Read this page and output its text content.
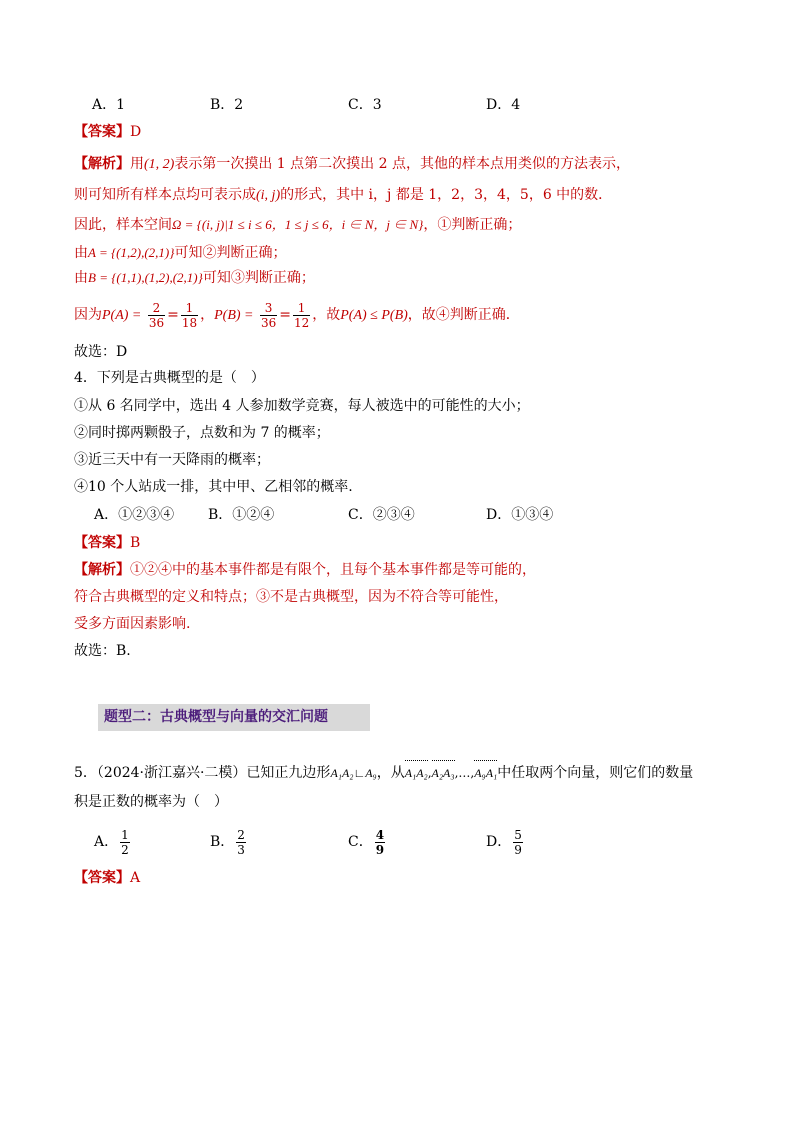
A．1	B．2	C．3	D．4
【答案】D
【解析】用(1, 2)表示第一次摸出 1 点第二次摸出 2 点，其他的样本点用类似的方法表示，
则可知所有样本点均可表示成(i, j)的形式，其中 i，j 都是 1，2，3，4，5，6 中的数．
因此，样本空间Ω = {(i, j)|1 ≤ i ≤ 6，1 ≤ j ≤ 6，i ∈ N，j ∈ N}，①判断正确；
由A = {(1,2),(2,1)}可知②判断正确；
由B = {(1,1),(1,2),(2,1)}可知③判断正确；
因为$P(A) = \frac{2}{36} = \frac{1}{18}$ ，$P(B) = \frac{3}{36} = \frac{1}{12}$ ，故P(A) ≤ P(B)，故④判断正确．
故选：D
4．下列是古典概型的是（　）
①从 6 名同学中，选出 4 人参加数学竞赛，每人被选中的可能性的大小；
②同时掷两颗骰子，点数和为 7 的概率；
③近三天中有一天降雨的概率；
④10 个人站成一排，其中甲、乙相邻的概率.
A．①②③④ B．①②④	C．②③④	D．①③④
【答案】B
【解析】①②④中的基本事件都是有限个，且每个基本事件都是等可能的，
符合古典概型的定义和特点；③不是古典概型，因为不符合等可能性，
受多方面因素影响.
故选：B.
题型二：古典概型与向量的交汇问题
5．（2024·浙江嘉兴·二模）已知正九边形A₁A₂∟A₉，从A₁A₂,A₂A₃,…,A₉A₁中任取两个向量，则它们的数量
积是正数的概率为（　）
A． $\frac{1}{2}$	B． $\frac{2}{3}$	C． $\frac{4}{9}$	D． $\frac{5}{9}$
【答案】A
